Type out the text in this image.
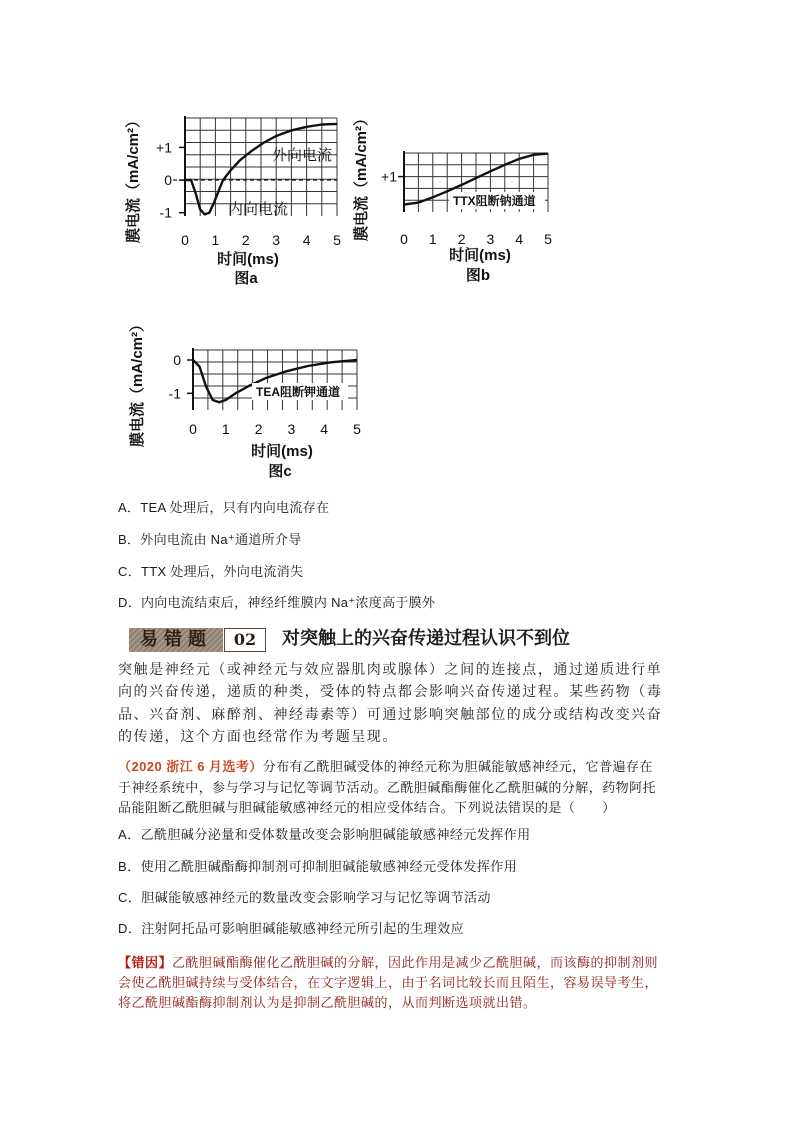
+1
0
-1
0 1 2 3 4 5
外向电流
内向电流
膜电流（mA/cm²）
时间(ms)
图a
+1
0 1 2 3 4 5
TTX阻断钠通道
膜电流（mA/cm²）
时间(ms)
图b
0
-1
0 1 2 3 4 5
TEA阻断钾通道
膜电流（mA/cm²）
时间(ms)
图c
A．TEA 处理后，只有内向电流存在
B．外向电流由 Na⁺通道所介导
C．TTX 处理后，外向电流消失
D．内向电流结束后，神经纤维膜内 Na⁺浓度高于膜外
易错题	02	对突触上的兴奋传递过程认识不到位
突触是神经元（或神经元与效应器肌肉或腺体）之间的连接点，通过递质进行单
向的兴奋传递，递质的种类，受体的特点都会影响兴奋传递过程。某些药物（毒
品、兴奋剂、麻醉剂、神经毒素等）可通过影响突触部位的成分或结构改变兴奋
的传递，这个方面也经常作为考题呈现。
（2020 浙江 6 月选考）分布有乙酰胆碱受体的神经元称为胆碱能敏感神经元，它普遍存在
于神经系统中，参与学习与记忆等调节活动。乙酰胆碱酯酶催化乙酰胆碱的分解，药物阿托
品能阻断乙酰胆碱与胆碱能敏感神经元的相应受体结合。下列说法错误的是（　　）
A．乙酰胆碱分泌量和受体数量改变会影响胆碱能敏感神经元发挥作用
B．使用乙酰胆碱酯酶抑制剂可抑制胆碱能敏感神经元受体发挥作用
C．胆碱能敏感神经元的数量改变会影响学习与记忆等调节活动
D．注射阿托品可影响胆碱能敏感神经元所引起的生理效应
【错因】乙酰胆碱酯酶催化乙酰胆碱的分解，因此作用是减少乙酰胆碱，而该酶的抑制剂则
会使乙酰胆碱持续与受体结合，在文字逻辑上，由于名词比较长而且陌生，容易误导考生，
将乙酰胆碱酯酶抑制剂认为是抑制乙酰胆碱的，从而判断选项就出错。
